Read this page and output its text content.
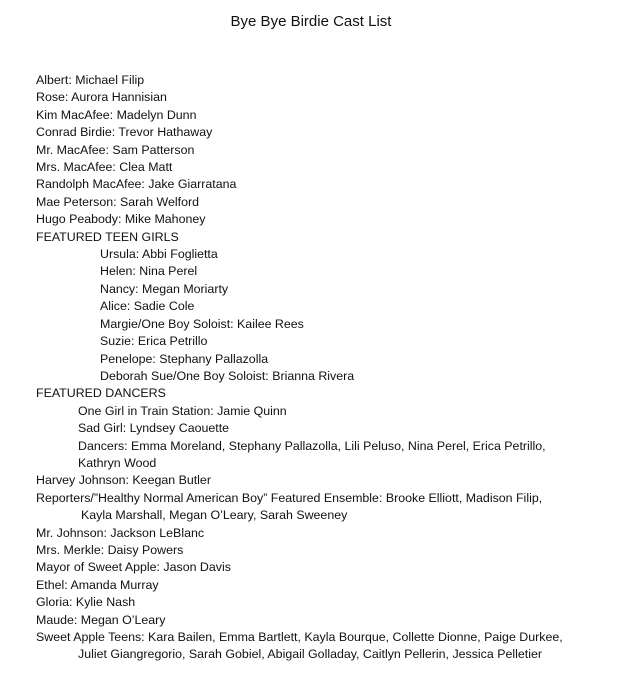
Bye Bye Birdie Cast List
Albert: Michael Filip
Rose: Aurora Hannisian
Kim MacAfee: Madelyn Dunn
Conrad Birdie: Trevor Hathaway
Mr. MacAfee: Sam Patterson
Mrs. MacAfee: Clea Matt
Randolph MacAfee: Jake Giarratana
Mae Peterson: Sarah Welford
Hugo Peabody: Mike Mahoney
FEATURED TEEN GIRLS
Ursula: Abbi Foglietta
Helen: Nina Perel
Nancy: Megan Moriarty
Alice: Sadie Cole
Margie/One Boy Soloist: Kailee Rees
Suzie: Erica Petrillo
Penelope: Stephany Pallazolla
Deborah Sue/One Boy Soloist: Brianna Rivera
FEATURED DANCERS
One Girl in Train Station: Jamie Quinn
Sad Girl: Lyndsey Caouette
Dancers: Emma Moreland, Stephany Pallazolla, Lili Peluso, Nina Perel, Erica Petrillo,
Kathryn Wood
Harvey Johnson: Keegan Butler
Reporters/”Healthy Normal American Boy” Featured Ensemble: Brooke Elliott, Madison Filip,
Kayla Marshall, Megan O’Leary, Sarah Sweeney
Mr. Johnson: Jackson LeBlanc
Mrs. Merkle: Daisy Powers
Mayor of Sweet Apple: Jason Davis
Ethel: Amanda Murray
Gloria: Kylie Nash
Maude: Megan O’Leary
Sweet Apple Teens: Kara Bailen, Emma Bartlett, Kayla Bourque, Collette Dionne, Paige Durkee,
Juliet Giangregorio, Sarah Gobiel, Abigail Golladay, Caitlyn Pellerin, Jessica Pelletier
